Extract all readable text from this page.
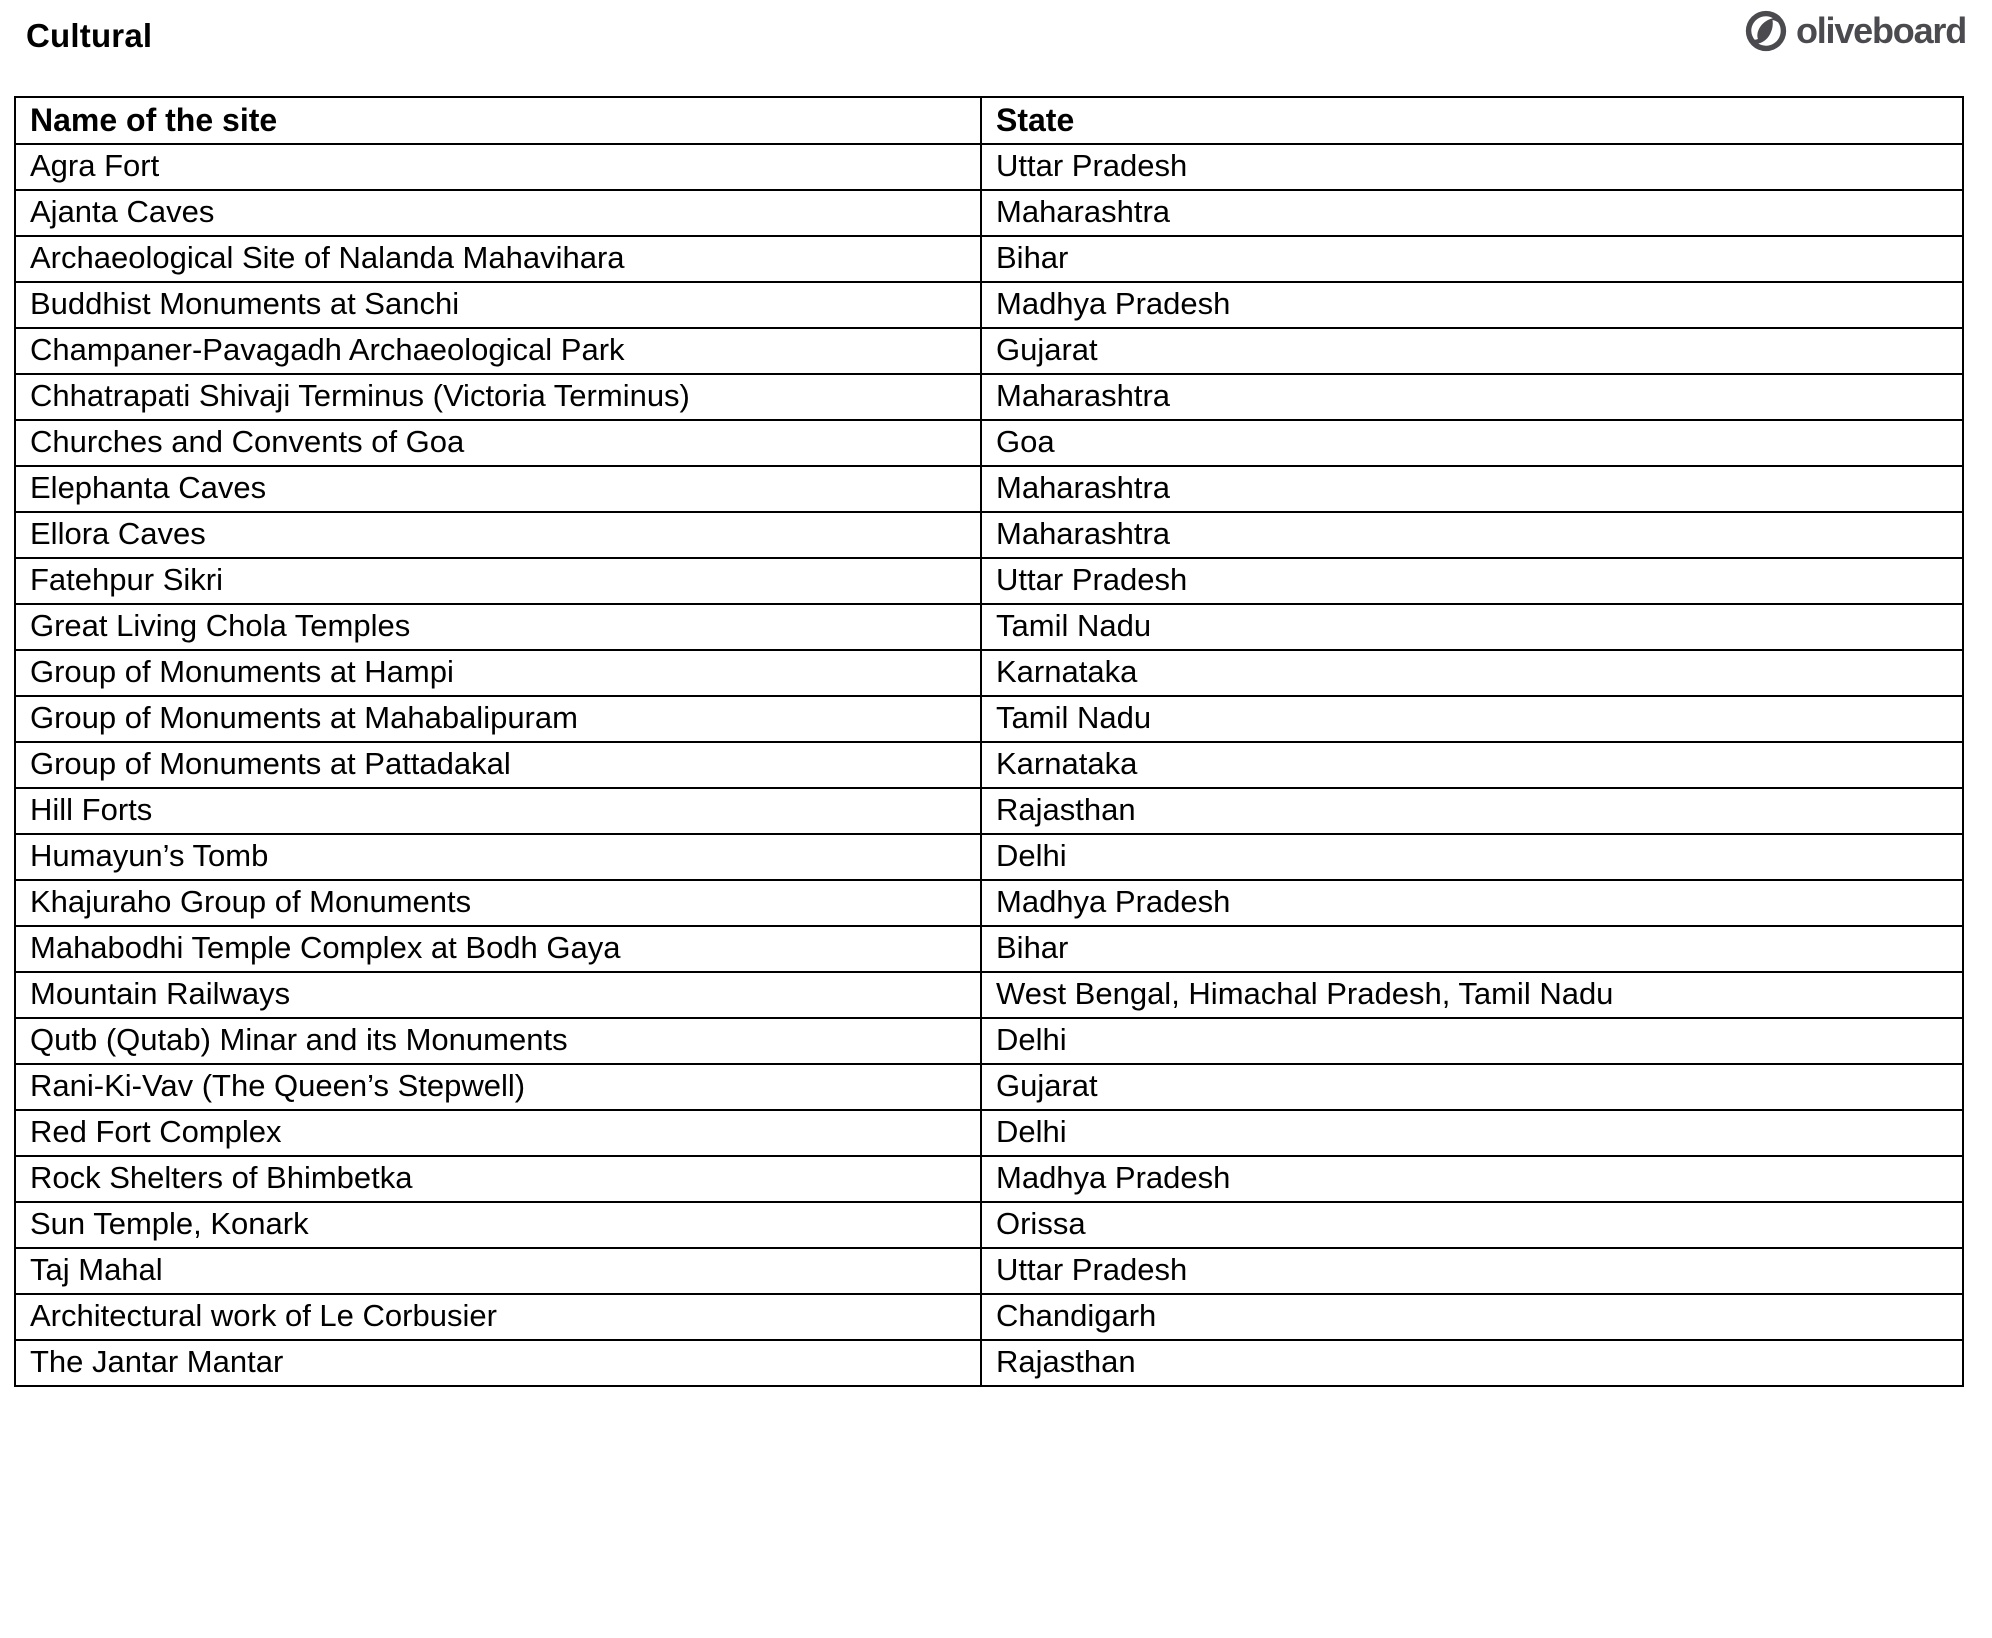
Cultural	oliveboard
Name of the site	State
Agra Fort	Uttar Pradesh
Ajanta Caves	Maharashtra
Archaeological Site of Nalanda Mahavihara	Bihar
Buddhist Monuments at Sanchi	Madhya Pradesh
Champaner-Pavagadh Archaeological Park	Gujarat
Chhatrapati Shivaji Terminus (Victoria Terminus)	Maharashtra
Churches and Convents of Goa	Goa
Elephanta Caves	Maharashtra
Ellora Caves	Maharashtra
Fatehpur Sikri	Uttar Pradesh
Great Living Chola Temples	Tamil Nadu
Group of Monuments at Hampi	Karnataka
Group of Monuments at Mahabalipuram	Tamil Nadu
Group of Monuments at Pattadakal	Karnataka
Hill Forts	Rajasthan
Humayun’s Tomb	Delhi
Khajuraho Group of Monuments	Madhya Pradesh
Mahabodhi Temple Complex at Bodh Gaya	Bihar
Mountain Railways	West Bengal, Himachal Pradesh, Tamil Nadu
Qutb (Qutab) Minar and its Monuments	Delhi
Rani-Ki-Vav (The Queen’s Stepwell)	Gujarat
Red Fort Complex	Delhi
Rock Shelters of Bhimbetka	Madhya Pradesh
Sun Temple, Konark	Orissa
Taj Mahal	Uttar Pradesh
Architectural work of Le Corbusier	Chandigarh
The Jantar Mantar	Rajasthan
